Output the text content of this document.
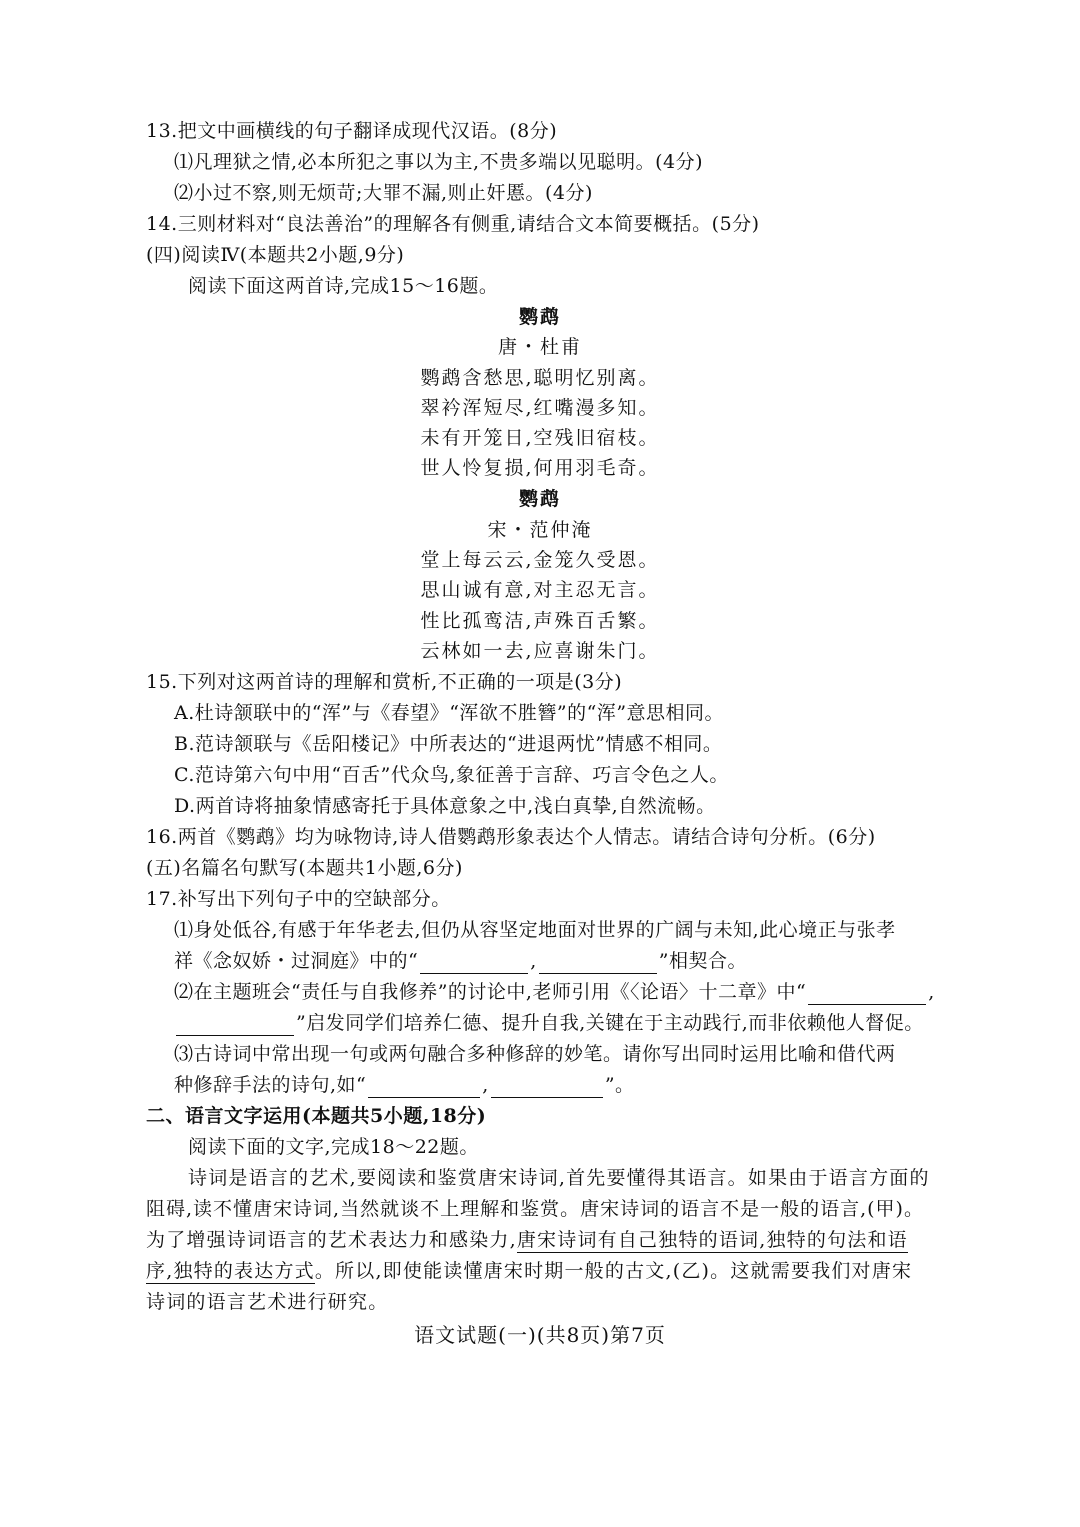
13.把文中画横线的句子翻译成现代汉语。(8分)
⑴凡理狱之情,必本所犯之事以为主,不贵多端以见聪明。(4分)
⑵小过不察,则无烦苛;大罪不漏,则止奸慝。(4分)
14.三则材料对“良法善治”的理解各有侧重,请结合文本简要概括。(5分)
(四)阅读Ⅳ(本题共2小题,9分)
阅读下面这两首诗,完成15～16题。
鹦鹉
唐・杜甫
鹦鹉含愁思,聪明忆别离。
翠衿浑短尽,红嘴漫多知。
未有开笼日,空残旧宿枝。
世人怜复损,何用羽毛奇。
鹦鹉
宋・范仲淹
堂上每云云,金笼久受恩。
思山诚有意,对主忍无言。
性比孤鸾洁,声殊百舌繁。
云林如一去,应喜谢朱门。
15.下列对这两首诗的理解和赏析,不正确的一项是(3分)
A.杜诗颔联中的“浑”与《春望》“浑欲不胜簪”的“浑”意思相同。
B.范诗颔联与《岳阳楼记》中所表达的“进退两忧”情感不相同。
C.范诗第六句中用“百舌”代众鸟,象征善于言辞、巧言令色之人。
D.两首诗将抽象情感寄托于具体意象之中,浅白真挚,自然流畅。
16.两首《鹦鹉》均为咏物诗,诗人借鹦鹉形象表达个人情志。请结合诗句分析。(6分)
(五)名篇名句默写(本题共1小题,6分)
17.补写出下列句子中的空缺部分。
⑴身处低谷,有感于年华老去,但仍从容坚定地面对世界的广阔与未知,此心境正与张孝
祥《念奴娇・过洞庭》中的“	,	”相契合。
⑵在主题班会“责任与自我修养”的讨论中,老师引用《〈论语〉十二章》中“	,
”启发同学们培养仁德、提升自我,关键在于主动践行,而非依赖他人督促。
⑶古诗词中常出现一句或两句融合多种修辞的妙笔。请你写出同时运用比喻和借代两
种修辞手法的诗句,如“	,	”。
二、语言文字运用(本题共5小题,18分)
阅读下面的文字,完成18～22题。
诗词是语言的艺术,要阅读和鉴赏唐宋诗词,首先要懂得其语言。如果由于语言方面的
阻碍,读不懂唐宋诗词,当然就谈不上理解和鉴赏。唐宋诗词的语言不是一般的语言,(甲)。
为了增强诗词语言的艺术表达力和感染力,唐宋诗词有自己独特的语词,独特的句法和语
序,独特的表达方式。所以,即使能读懂唐宋时期一般的古文,(乙)。这就需要我们对唐宋
诗词的语言艺术进行研究。
语文试题(一)(共8页)第7页
